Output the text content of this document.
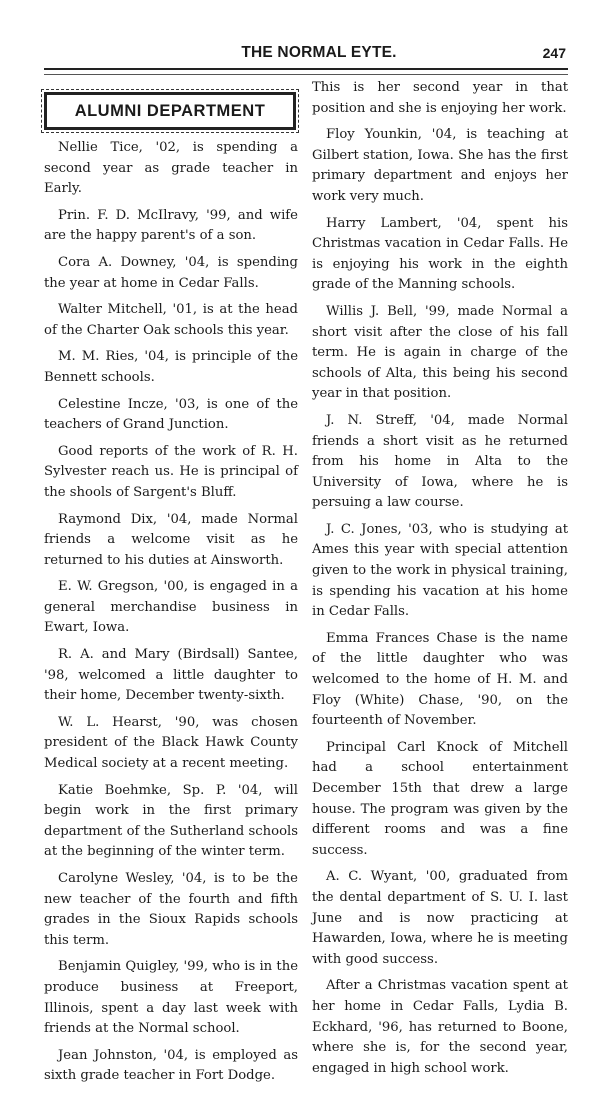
THE NORMAL EYTE.	247
ALUMNI DEPARTMENT

Nellie Tice, '02, is spending a second year as grade teacher in Early.

Prin. F. D. McIlravy, '99, and wife are the happy parent's of a son.

Cora A. Downey, '04, is spending the year at home in Cedar Falls.

Walter Mitchell, '01, is at the head of the Charter Oak schools this year.

M. M. Ries, '04, is principle of the Bennett schools.

Celestine Incze, '03, is one of the teachers of Grand Junction.

Good reports of the work of R. H. Sylvester reach us. He is principal of the shools of Sargent's Bluff.

Raymond Dix, '04, made Normal friends a welcome visit as he returned to his duties at Ainsworth.

E. W. Gregson, '00, is engaged in a general merchandise business in Ewart, Iowa.

R. A. and Mary (Birdsall) Santee, '98, welcomed a little daughter to their home, December twenty-sixth.

W. L. Hearst, '90, was chosen president of the Black Hawk County Medical society at a recent meeting.

Katie Boehmke, Sp. P. '04, will begin work in the first primary department of the Sutherland schools at the beginning of the winter term.

Carolyne Wesley, '04, is to be the new teacher of the fourth and fifth grades in the Sioux Rapids schools this term.

Benjamin Quigley, '99, who is in the produce business at Freeport, Illinois, spent a day last week with friends at the Normal school.

Jean Johnston, '04, is employed as sixth grade teacher in Fort Dodge.

This is her second year in that position and she is enjoying her work.

Floy Younkin, '04, is teaching at Gilbert station, Iowa. She has the first primary department and enjoys her work very much.

Harry Lambert, '04, spent his Christmas vacation in Cedar Falls. He is enjoying his work in the eighth grade of the Manning schools.

Willis J. Bell, '99, made Normal a short visit after the close of his fall term. He is again in charge of the schools of Alta, this being his second year in that position.

J. N. Streff, '04, made Normal friends a short visit as he returned from his home in Alta to the University of Iowa, where he is persuing a law course.

J. C. Jones, '03, who is studying at Ames this year with special attention given to the work in physical training, is spending his vacation at his home in Cedar Falls.

Emma Frances Chase is the name of the little daughter who was welcomed to the home of H. M. and Floy (White) Chase, '90, on the fourteenth of November.

Principal Carl Knock of Mitchell had a school entertainment December 15th that drew a large house. The program was given by the different rooms and was a fine success.

A. C. Wyant, '00, graduated from the dental department of S. U. I. last June and is now practicing at Hawarden, Iowa, where he is meeting with good success.

After a Christmas vacation spent at her home in Cedar Falls, Lydia B. Eckhard, '96, has returned to Boone, where she is, for the second year, engaged in high school work.
